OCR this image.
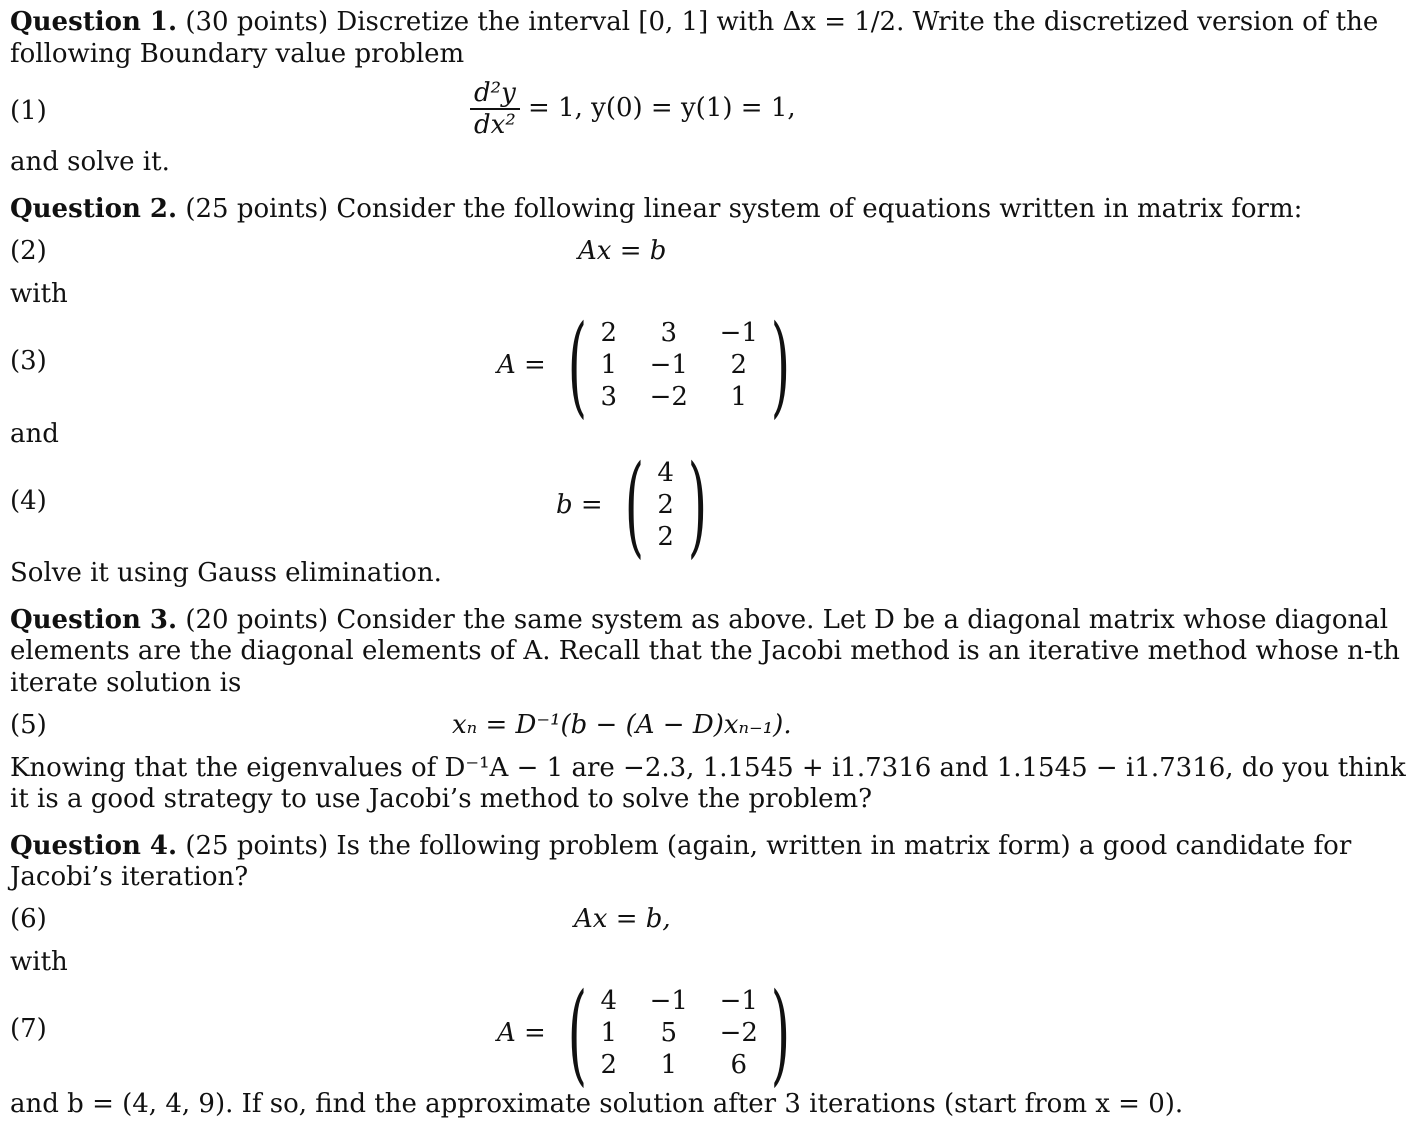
Question 1. (30 points) Discretize the interval [0, 1] with Δx = 1/2. Write the discretized version of the
following Boundary value problem
(1)	$\frac{\text{d²y}}{\text{dx²}} = 1$, y(0) = y(1) = 1,
and solve it.
Question 2. (25 points) Consider the following linear system of equations written in matrix form:
(2)	Ax = b
with
(3)	A = ( 2	3	−1
1 −1	2
3 −2	1 )
and
(4)	b = ( 4
2
2 )
Solve it using Gauss elimination.
Question 3. (20 points) Consider the same system as above. Let D be a diagonal matrix whose diagonal
elements are the diagonal elements of A. Recall that the Jacobi method is an iterative method whose n-th
iterate solution is
(5)	xₙ = D⁻¹(b − (A − D)xₙ₋₁).
Knowing that the eigenvalues of D⁻¹A − 1 are −2.3, 1.1545 + i1.7316 and 1.1545 − i1.7316, do you think
it is a good strategy to use Jacobi’s method to solve the problem?
Question 4. (25 points) Is the following problem (again, written in matrix form) a good candidate for
Jacobi’s iteration?
(6)	Ax = b,
with
(7)	A = ( 4 −1 −1
1	5	−2
2	1	6 )
and b = (4, 4, 9). If so, find the approximate solution after 3 iterations (start from x = 0).
